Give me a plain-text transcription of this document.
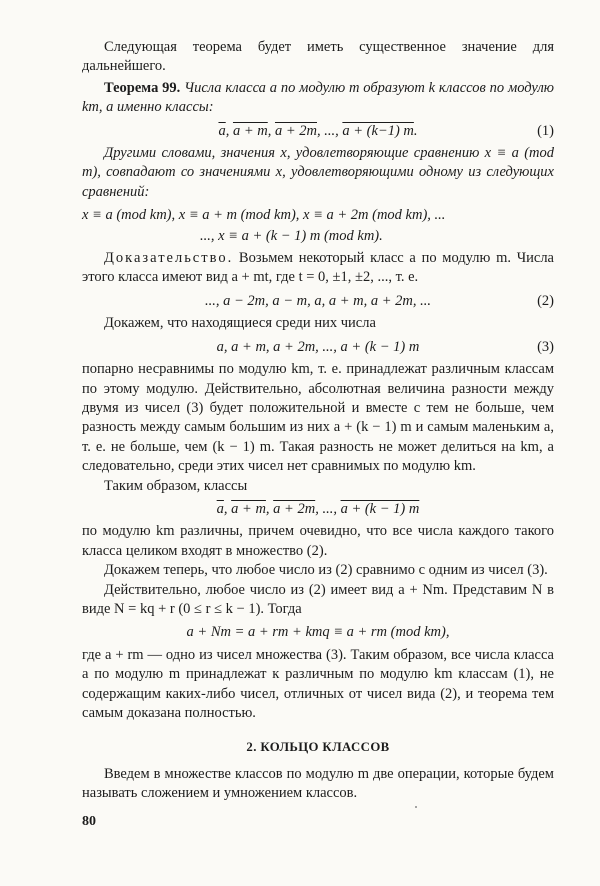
Следующая теорема будет иметь существенное значение для дальнейшего.

Теорема 99. Числа класса a по модулю m образуют k классов по модулю km, а именно классы:

$\overline{a}$, a + m, a + 2m, ..., a + (k−1) m.	(1)

Другими словами, значения x, удовлетворяющие сравнению x ≡ a (mod m), совпадают со значениями x, удовлетворяющими одному из следующих сравнений:

x ≡ a (mod km), x ≡ a + m (mod km), x ≡ a + 2m (mod km), ...
..., x ≡ a + (k − 1) m (mod km).

Доказательство. Возьмем некоторый класс a по модулю m. Числа этого класса имеют вид a + mt, где t = 0, ±1, ±2, ..., т. е.

..., a − 2m, a − m, a, a + m, a + 2m, ...	(2)

Докажем, что находящиеся среди них числа

a, a + m, a + 2m, ..., a + (k − 1) m	(3)

попарно несравнимы по модулю km, т. е. принадлежат различным классам по этому модулю. Действительно, абсолютная величина разности между двумя из чисел (3) будет положительной и вместе с тем не больше, чем разность между самым большим из них a + (k − 1) m и самым маленьким a, т. е. не больше, чем (k − 1) m. Такая разность не может делиться на km, а следовательно, среди этих чисел нет сравнимых по модулю km.

Таким образом, классы

$\overline{a}$, a + m, a + 2m, ..., a + (k − 1) m

по модулю km различны, причем очевидно, что все числа каждого такого класса целиком входят в множество (2).

Докажем теперь, что любое число из (2) сравнимо с одним из чисел (3).

Действительно, любое число из (2) имеет вид a + Nm. Представим N в виде N = kq + r (0 ≤ r ≤ k − 1). Тогда

a + Nm = a + rm + kmq ≡ a + rm (mod km),

где a + rm — одно из чисел множества (3). Таким образом, все числа класса a по модулю m принадлежат к различным по модулю km классам (1), не содержащим каких-либо чисел, отличных от чисел вида (2), и теорема тем самым доказана полностью.

2. КОЛЬЦО КЛАССОВ

Введем в множестве классов по модулю m две операции, которые будем называть сложением и умножением классов.

80
